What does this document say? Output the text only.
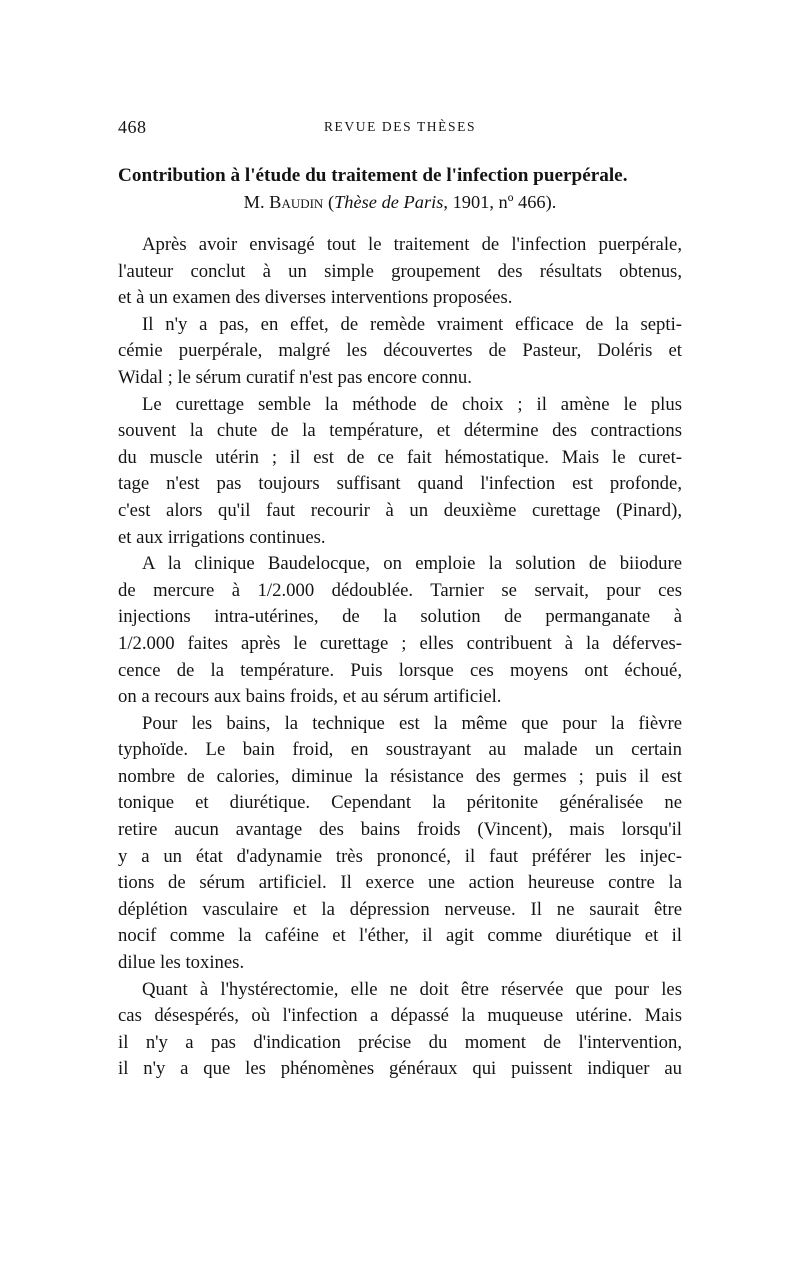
468	REVUE DES THÈSES
Contribution à l'étude du traitement de l'infection puerpérale.
M. Baudin (Thèse de Paris, 1901, nº 466).

Après avoir envisagé tout le traitement de l'infection puerpérale,
l'auteur conclut à un simple groupement des résultats obtenus,
et à un examen des diverses interventions proposées.

Il n'y a pas, en effet, de remède vraiment efficace de la septi-
cémie puerpérale, malgré les découvertes de Pasteur, Doléris et
Widal ; le sérum curatif n'est pas encore connu.

Le curettage semble la méthode de choix ; il amène le plus
souvent la chute de la température, et détermine des contractions
du muscle utérin ; il est de ce fait hémostatique. Mais le curet-
tage n'est pas toujours suffisant quand l'infection est profonde,
c'est alors qu'il faut recourir à un deuxième curettage (Pinard),
et aux irrigations continues.

A la clinique Baudelocque, on emploie la solution de biiodure
de mercure à 1/2.000 dédoublée. Tarnier se servait, pour ces
injections intra-utérines, de la solution de permanganate à
1/2.000 faites après le curettage ; elles contribuent à la déferves-
cence de la température. Puis lorsque ces moyens ont échoué,
on a recours aux bains froids, et au sérum artificiel.

Pour les bains, la technique est la même que pour la fièvre
typhoïde. Le bain froid, en soustrayant au malade un certain
nombre de calories, diminue la résistance des germes ; puis il est
tonique et diurétique. Cependant la péritonite généralisée ne
retire aucun avantage des bains froids (Vincent), mais lorsqu'il
y a un état d'adynamie très prononcé, il faut préférer les injec-
tions de sérum artificiel. Il exerce une action heureuse contre la
déplétion vasculaire et la dépression nerveuse. Il ne saurait être
nocif comme la caféine et l'éther, il agit comme diurétique et il
dilue les toxines.

Quant à l'hystérectomie, elle ne doit être réservée que pour les
cas désespérés, où l'infection a dépassé la muqueuse utérine. Mais
il n'y a pas d'indication précise du moment de l'intervention,
il n'y a que les phénomènes généraux qui puissent indiquer au
